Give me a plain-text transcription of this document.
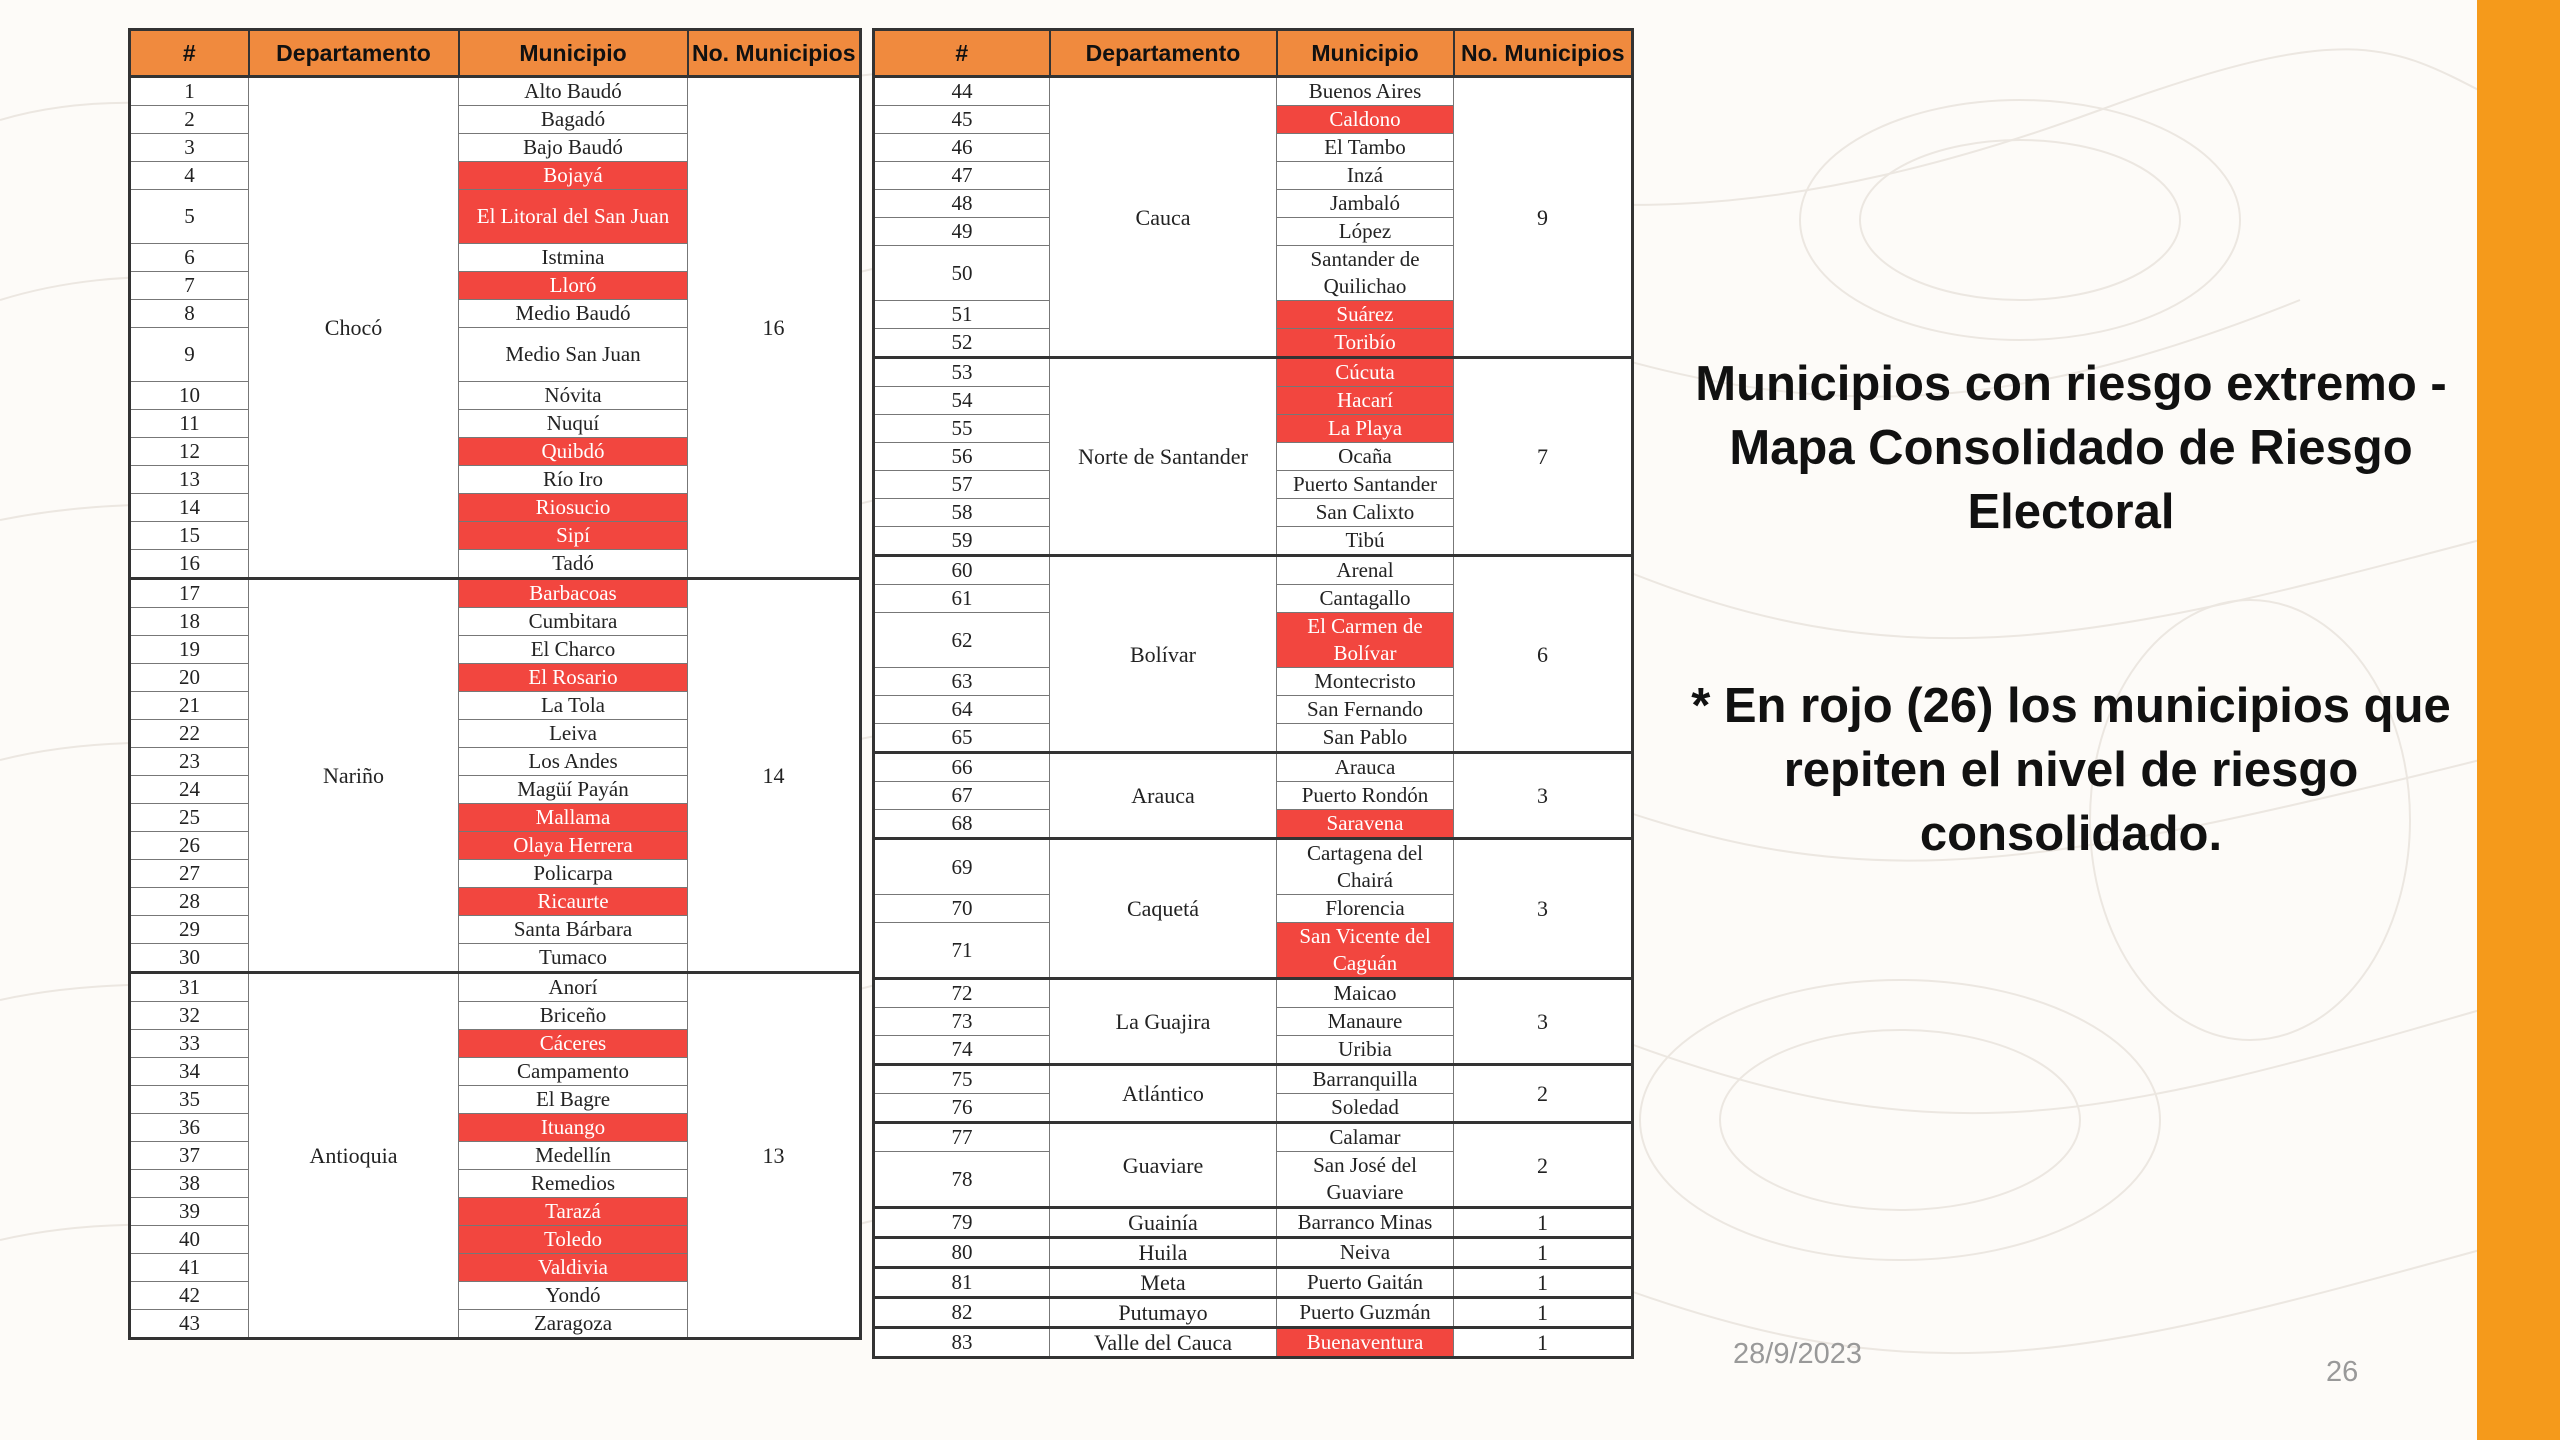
#	Departamento	Municipio	No. Municipios
1	Chocó	Alto Baudó	16
2		Bagadó	
3		Bajo Baudó	
4		Bojayá	
5		El Litoral del San Juan	
6		Istmina	
7		Lloró	
8		Medio Baudó	
9		Medio San Juan	
10		Nóvita	
11		Nuquí	
12		Quibdó	
13		Río Iro	
14		Riosucio	
15		Sipí	
16		Tadó	
17	Nariño	Barbacoas	14
18		Cumbitara	
19		El Charco	
20		El Rosario	
21		La Tola	
22		Leiva	
23		Los Andes	
24		Magüí Payán	
25		Mallama	
26		Olaya Herrera	
27		Policarpa	
28		Ricaurte	
29		Santa Bárbara	
30		Tumaco	
31	Antioquia	Anorí	13
32		Briceño	
33		Cáceres	
34		Campamento	
35		El Bagre	
36		Ituango	
37		Medellín	
38		Remedios	
39		Tarazá	
40		Toledo	
41		Valdivia	
42		Yondó	
43		Zaragoza	
#	Departamento	Municipio	No. Municipios
44	Cauca	Buenos Aires	9
45		Caldono	
46		El Tambo	
47		Inzá	
48		Jambaló	
49		López	
50		Santander de Quilichao	
51		Suárez	
52		Toribío	
53	Norte de Santander	Cúcuta	7
54		Hacarí	
55		La Playa	
56		Ocaña	
57		Puerto Santander	
58		San Calixto	
59		Tibú	
60	Bolívar	Arenal	6
61		Cantagallo	
62		El Carmen de Bolívar	
63		Montecristo	
64		San Fernando	
65		San Pablo	
66	Arauca	Arauca	3
67		Puerto Rondón	
68		Saravena	
69	Caquetá	Cartagena del Chairá	3
70		Florencia	
71		San Vicente del Caguán	
72	La Guajira	Maicao	3
73		Manaure	
74		Uribia	
75	Atlántico	Barranquilla	2
76		Soledad	
77	Guaviare	Calamar	2
78		San José del Guaviare	
79	Guainía	Barranco Minas	1
80	Huila	Neiva	1
81	Meta	Puerto Gaitán	1
82	Putumayo	Puerto Guzmán	1
83	Valle del Cauca	Buenaventura	1
Municipios con riesgo extremo - Mapa Consolidado de Riesgo Electoral
* En rojo (26) los municipios que repiten el nivel de riesgo consolidado.
28/9/2023
26
